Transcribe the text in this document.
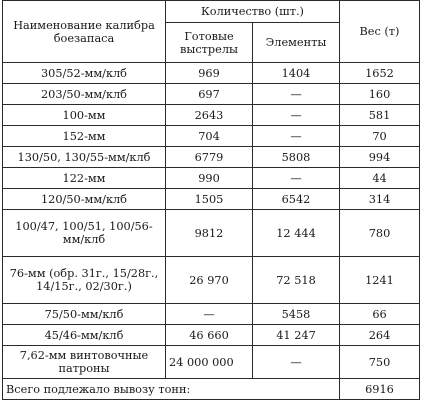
Наименование калибра боезапаса	Количество (шт.)		Вес (т)
	Готовые выстрелы	Элементы	
305/52-мм/клб	969	1404	1652
203/50-мм/клб	697	—	160
100-мм	2643	—	581
152-мм	704	—	70
130/50, 130/55-мм/клб	6779	5808	994
122-мм	990	—	44
120/50-мм/клб	1505	6542	314
100/47, 100/51, 100/56-мм/клб	9812	12 444	780
76-мм (обр. 31г., 15/28г., 14/15г., 02/30г.)	26 970	72 518	1241
75/50-мм/клб	—	5458	66
45/46-мм/клб	46 660	41 247	264
7,62-мм винтовочные патроны	24 000 000	—	750
Всего подлежало вывозу тонн:			6916
